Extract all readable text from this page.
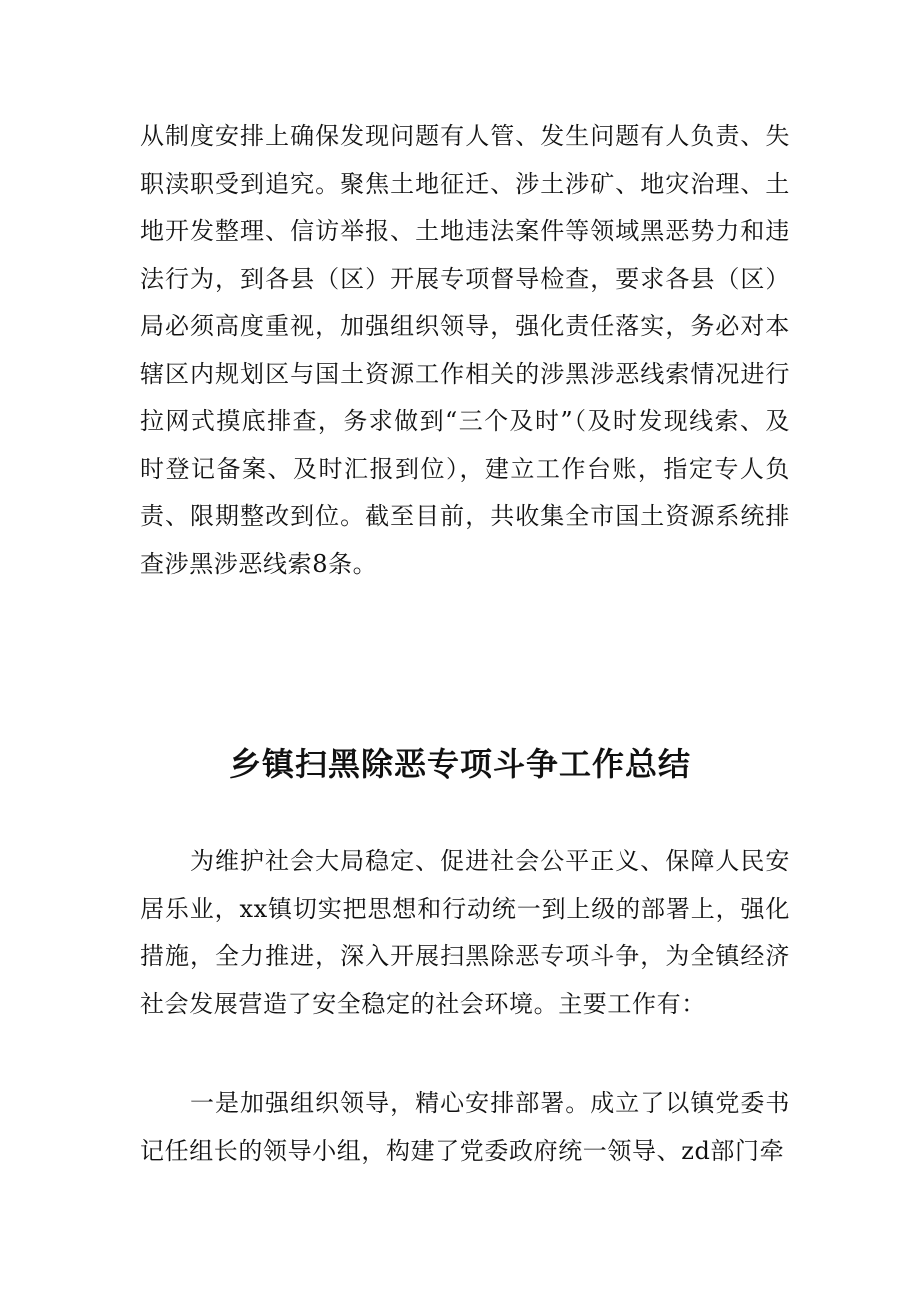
从制度安排上确保发现问题有人管、发生问题有人负责、失职渎职受到追究。聚焦土地征迁、涉土涉矿、地灾治理、土地开发整理、信访举报、土地违法案件等领域黑恶势力和违法行为，到各县（区）开展专项督导检查，要求各县（区）局必须高度重视，加强组织领导，强化责任落实，务必对本辖区内规划区与国土资源工作相关的涉黑涉恶线索情况进行拉网式摸底排查，务求做到“三个及时”（及时发现线索、及时登记备案、及时汇报到位），建立工作台账，指定专人负责、限期整改到位。截至目前，共收集全市国土资源系统排查涉黑涉恶线索8条。

乡镇扫黑除恶专项斗争工作总结

为维护社会大局稳定、促进社会公平正义、保障人民安居乐业，xx镇切实把思想和行动统一到上级的部署上，强化措施，全力推进，深入开展扫黑除恶专项斗争，为全镇经济社会发展营造了安全稳定的社会环境。主要工作有：

一是加强组织领导，精心安排部署。成立了以镇党委书记任组长的领导小组，构建了党委政府统一领导、zd部门牵
